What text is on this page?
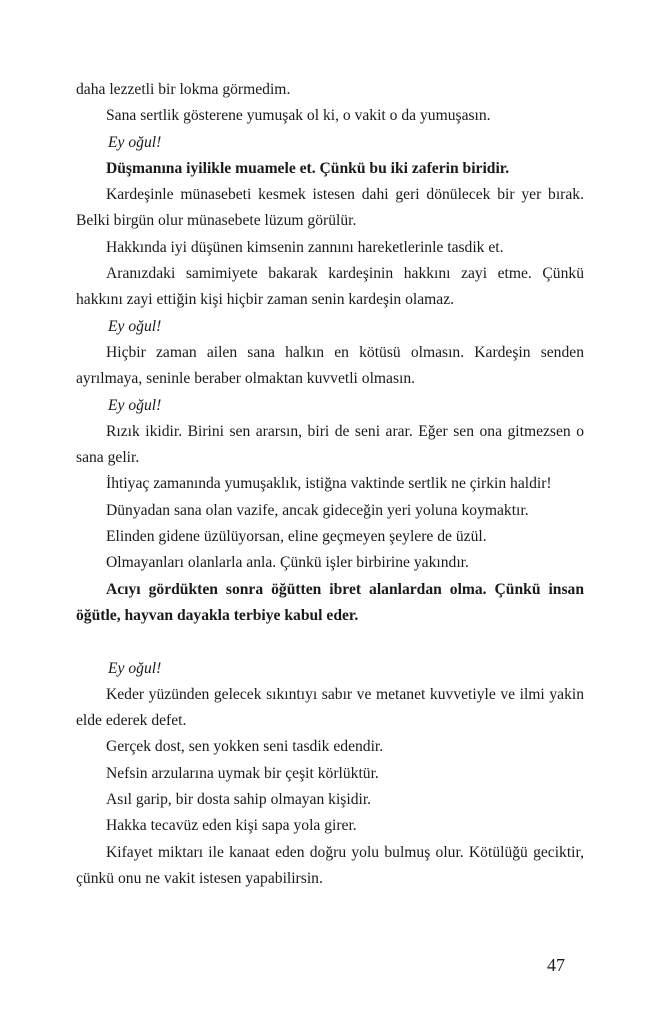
daha lezzetli bir lokma görmedim.

Sana sertlik gösterene yumuşak ol ki, o vakit o da yumuşasın.

Ey oğul!

Düşmanına iyilikle muamele et. Çünkü bu iki zaferin biridir.

Kardeşinle münasebeti kesmek istesen dahi geri dönülecek bir yer bırak. Belki birgün olur münasebete lüzum görülür.

Hakkında iyi düşünen kimsenin zannını hareketlerinle tasdik et.

Aranızdaki samimiyete bakarak kardeşinin hakkını zayi etme. Çünkü hakkını zayi ettiğin kişi hiçbir zaman senin kardeşin olamaz.

Ey oğul!

Hiçbir zaman ailen sana halkın en kötüsü olmasın. Kardeşin senden ayrılmaya, seninle beraber olmaktan kuvvetli olmasın.

Ey oğul!

Rızık ikidir. Birini sen ararsın, biri de seni arar. Eğer sen ona gitmezsen o sana gelir.

İhtiyaç zamanında yumuşaklık, istiğna vaktinde sertlik ne çirkin haldir!

Dünyadan sana olan vazife, ancak gideceğin yeri yoluna koymaktır.

Elinden gidene üzülüyorsan, eline geçmeyen şeylere de üzül.

Olmayanları olanlarla anla. Çünkü işler birbirine yakındır.

Acıyı gördükten sonra öğütten ibret alanlardan olma. Çünkü insan öğütle, hayvan dayakla terbiye kabul eder.

Ey oğul!

Keder yüzünden gelecek sıkıntıyı sabır ve metanet kuvvetiyle ve ilmi yakin elde ederek defet.

Gerçek dost, sen yokken seni tasdik edendir.

Nefsin arzularına uymak bir çeşit körlüktür.

Asıl garip, bir dosta sahip olmayan kişidir.

Hakka tecavüz eden kişi sapa yola girer.

Kifayet miktarı ile kanaat eden doğru yolu bulmuş olur. Kötülüğü geciktir, çünkü onu ne vakit istesen yapabilirsin.

47
